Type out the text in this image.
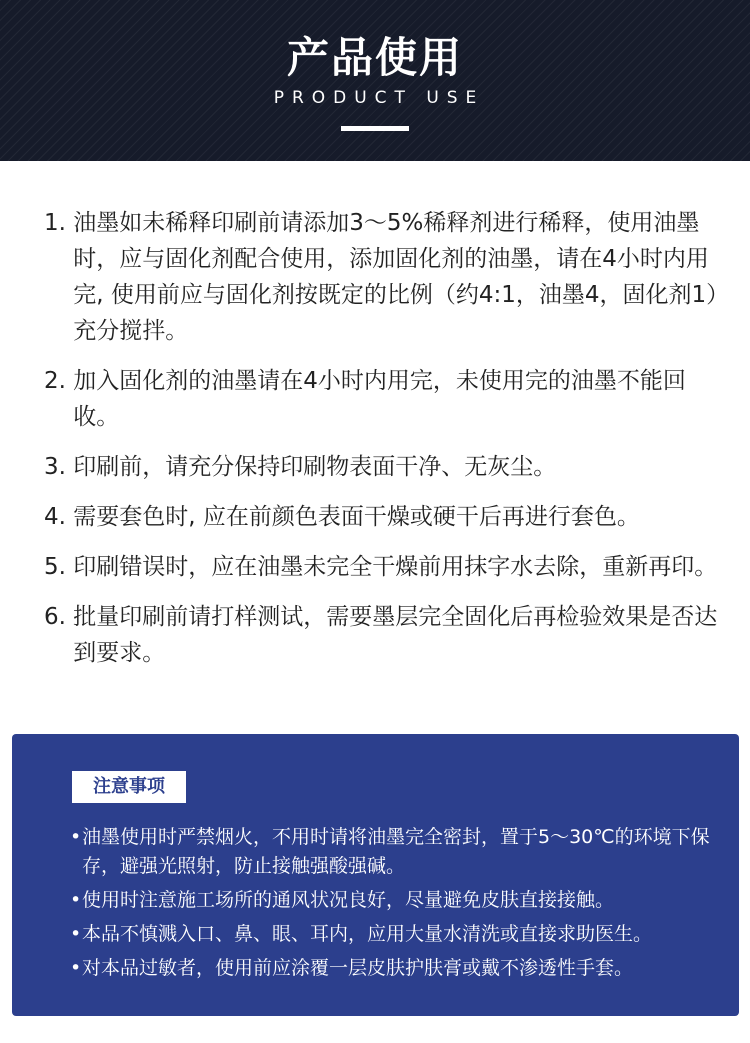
产品使用
PRODUCT USE
1. 油墨如未稀释印刷前请添加3～5%稀释剂进行稀释，使用油墨时，应与固化剂配合使用，添加固化剂的油墨，请在4小时内用完, 使用前应与固化剂按既定的比例（约4:1，油墨4，固化剂1）充分搅拌。
2. 加入固化剂的油墨请在4小时内用完，未使用完的油墨不能回收。
3. 印刷前，请充分保持印刷物表面干净、无灰尘。
4. 需要套色时, 应在前颜色表面干燥或硬干后再进行套色。
5. 印刷错误时，应在油墨未完全干燥前用抹字水去除，重新再印。
6. 批量印刷前请打样测试，需要墨层完全固化后再检验效果是否达到要求。
注意事项
• 油墨使用时严禁烟火，不用时请将油墨完全密封，置于5～30℃的环境下保存，避强光照射，防止接触强酸强碱。
• 使用时注意施工场所的通风状况良好，尽量避免皮肤直接接触。
• 本品不慎溅入口、鼻、眼、耳内，应用大量水清洗或直接求助医生。
• 对本品过敏者，使用前应涂覆一层皮肤护肤膏或戴不渗透性手套。
